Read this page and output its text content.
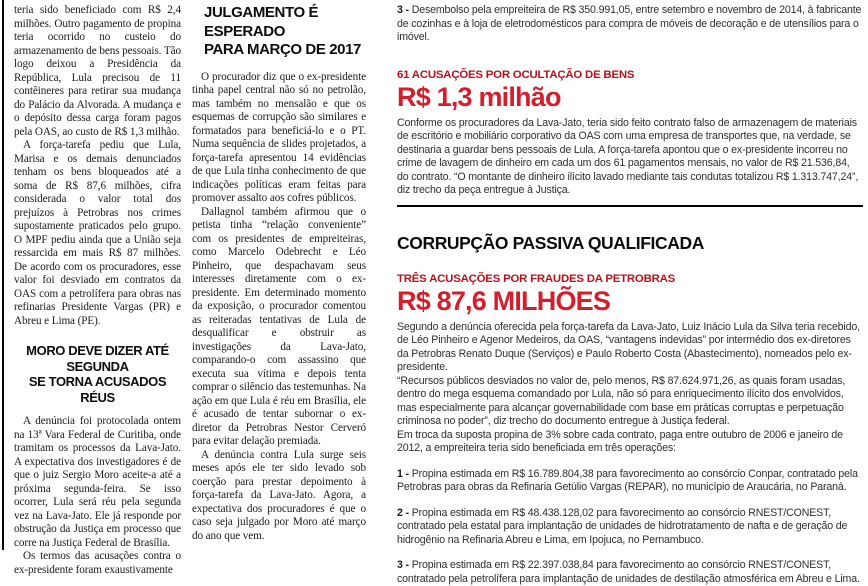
teria sido beneficiado com R$ 2,4 milhões. Outro pagamento de propina teria ocorrido no custeio do armazenamento de bens pessoais. Tão logo deixou a Presidência da República, Lula precisou de 11 contêineres para retirar sua mudança do Palácio da Alvorada. A mudança e o depósito dessa carga foram pagos pela OAS, ao custo de R$ 1,3 milhão.

A força-tarefa pediu que Lula, Marisa e os demais denunciados tenham os bens bloqueados até a soma de R$ 87,6 milhões, cifra considerada o valor total dos prejuízos à Petrobras nos crimes supostamente praticados pelo grupo. O MPF pediu ainda que a União seja ressarcida em mais R$ 87 milhões. De acordo com os procuradores, esse valor foi desviado em contratos da OAS com a petrolífera para obras nas refinarias Presidente Vargas (PR) e Abreu e Lima (PE).

MORO DEVE DIZER ATÉ SEGUNDA
SE TORNA ACUSADOS RÉUS

A denúncia foi protocolada ontem na 13ª Vara Federal de Curitiba, onde tramitam os processos da Lava-Jato. A expectativa dos investigadores é de que o juiz Sergio Moro aceite-a até a próxima segunda-feira. Se isso ocorrer, Lula será réu pela segunda vez na Lava-Jato. Ele já responde por obstrução da Justiça em processo que corre na Justiça Federal de Brasília.

Os termos das acusações contra o ex-presidente foram exaustivamente

JULGAMENTO É ESPERADO
PARA MARÇO DE 2017

O procurador diz que o ex-presidente tinha papel central não só no petrolão, mas também no mensalão e que os esquemas de corrupção são similares e formatados para beneficiá-lo e o PT. Numa sequência de slides projetados, a força-tarefa apresentou 14 evidências de que Lula tinha conhecimento de que indicações políticas eram feitas para promover assalto aos cofres públicos.

Dallagnol também afirmou que o petista tinha “relação conveniente” com os presidentes de empreiteiras, como Marcelo Odebrecht e Léo Pinheiro, que despachavam seus interesses diretamente com o ex-presidente. Em determinado momento da exposição, o procurador comentou as reiteradas tentativas de Lula de desqualificar e obstruir as investigações da Lava-Jato, comparando-o com assassino que executa sua vítima e depois tenta comprar o silêncio das testemunhas. Na ação em que Lula é réu em Brasília, ele é acusado de tentar subornar o ex-diretor da Petrobras Nestor Cerveró para evitar delação premiada.

A denúncia contra Lula surge seis meses após ele ter sido levado sob coerção para prestar depoimento à força-tarefa da Lava-Jato. Agora, a expectativa dos procuradores é que o caso seja julgado por Moro até março do ano que vem.

3 - Desembolso pela empreiteira de R$ 350.991,05, entre setembro e novembro de 2014, à fabricante de cozinhas e à loja de eletrodomésticos para compra de móveis de decoração e de utensílios para o imóvel.

61 ACUSAÇÕES POR OCULTAÇÃO DE BENS
R$ 1,3 milhão

Conforme os procuradores da Lava-Jato, teria sido feito contrato falso de armazenagem de materiais de escritório e mobiliário corporativo da OAS com uma empresa de transportes que, na verdade, se destinaria a guardar bens pessoais de Lula. A força-tarefa apontou que o ex-presidente incorreu no crime de lavagem de dinheiro em cada um dos 61 pagamentos mensais, no valor de R$ 21.536,84, do contrato. “O montante de dinheiro ilícito lavado mediante tais condutas totalizou R$ 1.313.747,24”, diz trecho da peça entregue à Justiça.

CORRUPÇÃO PASSIVA QUALIFICADA
TRÊS ACUSAÇÕES POR FRAUDES DA PETROBRAS
R$ 87,6 MILHÕES

Segundo a denúncia oferecida pela força-tarefa da Lava-Jato, Luiz Inácio Lula da Silva teria recebido, de Léo Pinheiro e Agenor Medeiros, da OAS, “vantagens indevidas” por intermédio dos ex-diretores da Petrobras Renato Duque (Serviços) e Paulo Roberto Costa (Abastecimento), nomeados pelo ex-presidente.

“Recursos públicos desviados no valor de, pelo menos, R$ 87.624.971,26, as quais foram usadas, dentro do mega esquema comandado por Lula, não só para enriquecimento ilícito dos envolvidos, mas especialmente para alcançar governabilidade com base em práticas corruptas e perpetuação criminosa no poder”, diz trecho do documento entregue à Justiça federal.

Em troca da suposta propina de 3% sobre cada contrato, paga entre outubro de 2006 e janeiro de 2012, a empreiteira teria sido beneficiada em três operações:

1 - Propina estimada em R$ 16.789.804,38 para favorecimento ao consórcio Conpar, contratado pela Petrobras para obras da Refinaria Getúlio Vargas (REPAR), no município de Araucária, no Paraná.

2 - Propina estimada em R$ 48.438.128,02 para favorecimento ao consórcio RNEST/CONEST, contratado pela estatal para implantação de unidades de hidrotratamento de nafta e de geração de hidrogênio na Refinaria Abreu e Lima, em Ipojuca, no Pernambuco.

3 - Propina estimada em R$ 22.397.038,84 para favorecimento ao consórcio RNEST/CONEST, contratado pela petrolífera para implantação de unidades de destilação atmosférica em Abreu e Lima.
